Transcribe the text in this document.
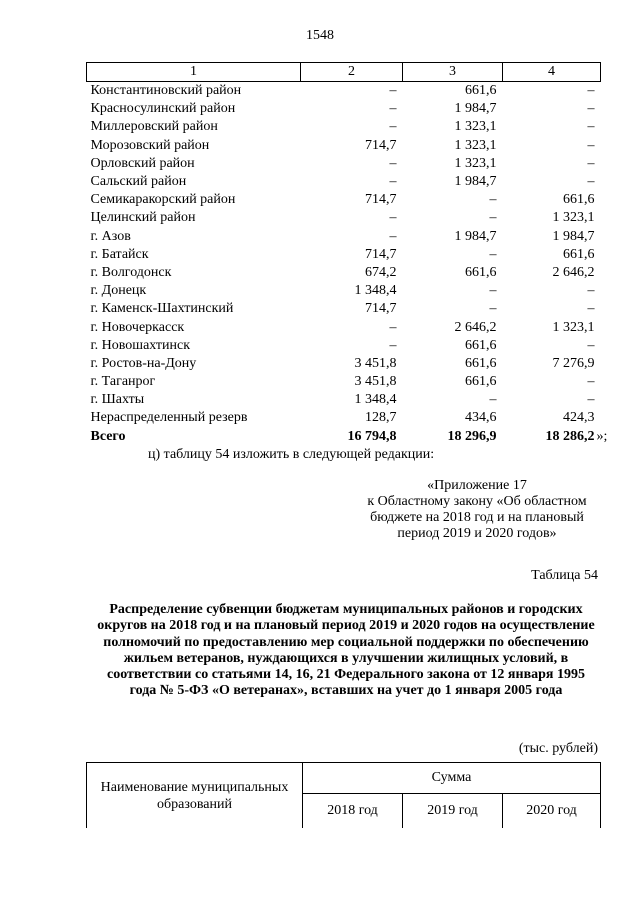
1548
1	2	3	4
Константиновский район	–	661,6	–
Красносулинский район	–	1 984,7	–
Миллеровский район	–	1 323,1	–
Морозовский район	714,7	1 323,1	–
Орловский район	–	1 323,1	–
Сальский район	–	1 984,7	–
Семикаракорский район	714,7	–	661,6
Целинский район	–	–	1 323,1
г. Азов	–	1 984,7	1 984,7
г. Батайск	714,7	–	661,6
г. Волгодонск	674,2	661,6	2 646,2
г. Донецк	1 348,4	–	–
г. Каменск-Шахтинский	714,7	–	–
г. Новочеркасск	–	2 646,2	1 323,1
г. Новошахтинск	–	661,6	–
г. Ростов-на-Дону	3 451,8	661,6	7 276,9
г. Таганрог	3 451,8	661,6	–
г. Шахты	1 348,4	–	–
Нераспределенный резерв	128,7	434,6	424,3
Всего	16 794,8	18 296,9	18 286,2 »;
ц) таблицу 54 изложить в следующей редакции:
«Приложение 17
к Областному закону «Об областном бюджете на 2018 год и на плановый период 2019 и 2020 годов»
Таблица 54
Распределение субвенции бюджетам муниципальных районов и городских округов на 2018 год и на плановый период 2019 и 2020 годов на осуществление полномочий по предоставлению мер социальной поддержки по обеспечению жильем ветеранов, нуждающихся в улучшении жилищных условий, в соответствии со статьями 14, 16, 21 Федерального закона от 12 января 1995 года № 5-ФЗ «О ветеранах», вставших на учет до 1 января 2005 года
(тыс. рублей)
Наименование муниципальных образований	Сумма		
	2018 год	2019 год	2020 год
